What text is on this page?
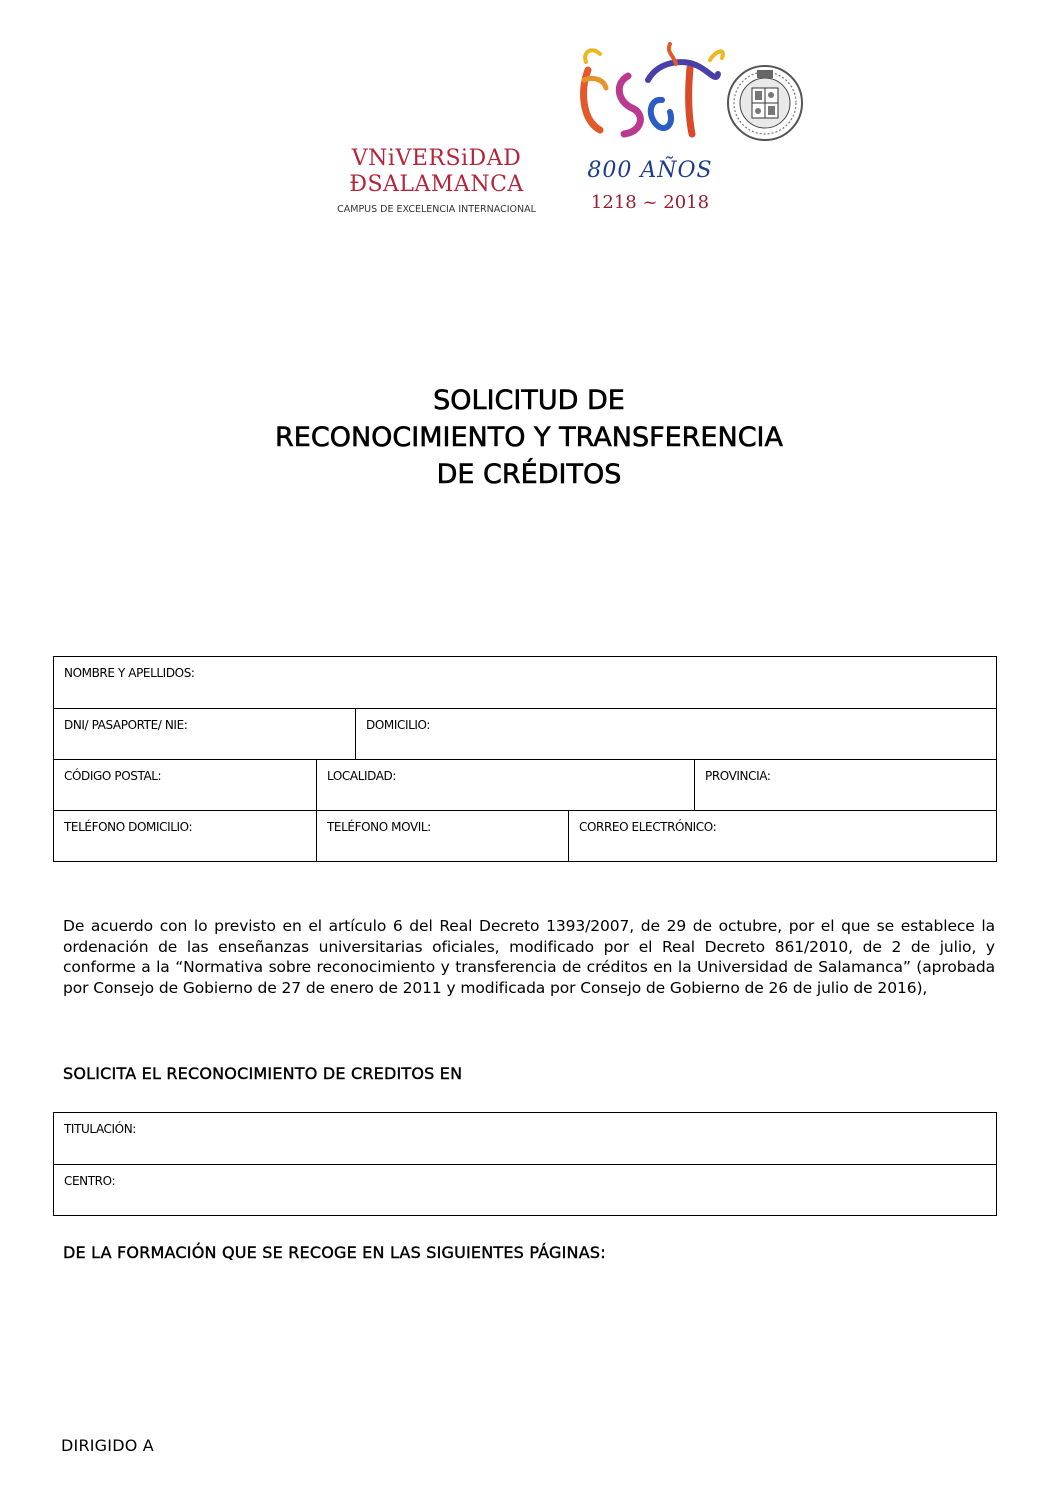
VNiVERSiDAD
ÐSALAMANCA
CAMPUS DE EXCELENCIA INTERNACIONAL
800 AÑOS
1218 ~ 2018
SOLICITUD DE
RECONOCIMIENTO Y TRANSFERENCIA
DE CRÉDITOS
NOMBRE Y APELLIDOS:
DNI/ PASAPORTE/ NIE:	DOMICILIO:
CÓDIGO POSTAL:	LOCALIDAD:	PROVINCIA:
TELÉFONO DOMICILIO:	TELÉFONO MOVIL:	CORREO ELECTRÓNICO:
De acuerdo con lo previsto en el artículo 6 del Real Decreto 1393/2007, de 29 de octubre, por el que se establece la ordenación de las enseñanzas universitarias oficiales, modificado por el Real Decreto 861/2010, de 2 de julio, y conforme a la “Normativa sobre reconocimiento y transferencia de créditos en la Universidad de Salamanca” (aprobada por Consejo de Gobierno de 27 de enero de 2011 y modificada por Consejo de Gobierno de 26 de julio de 2016),
SOLICITA EL RECONOCIMIENTO DE CREDITOS EN
TITULACIÓN:
CENTRO:
DE LA FORMACIÓN QUE SE RECOGE EN LAS SIGUIENTES PÁGINAS:
DIRIGIDO A
